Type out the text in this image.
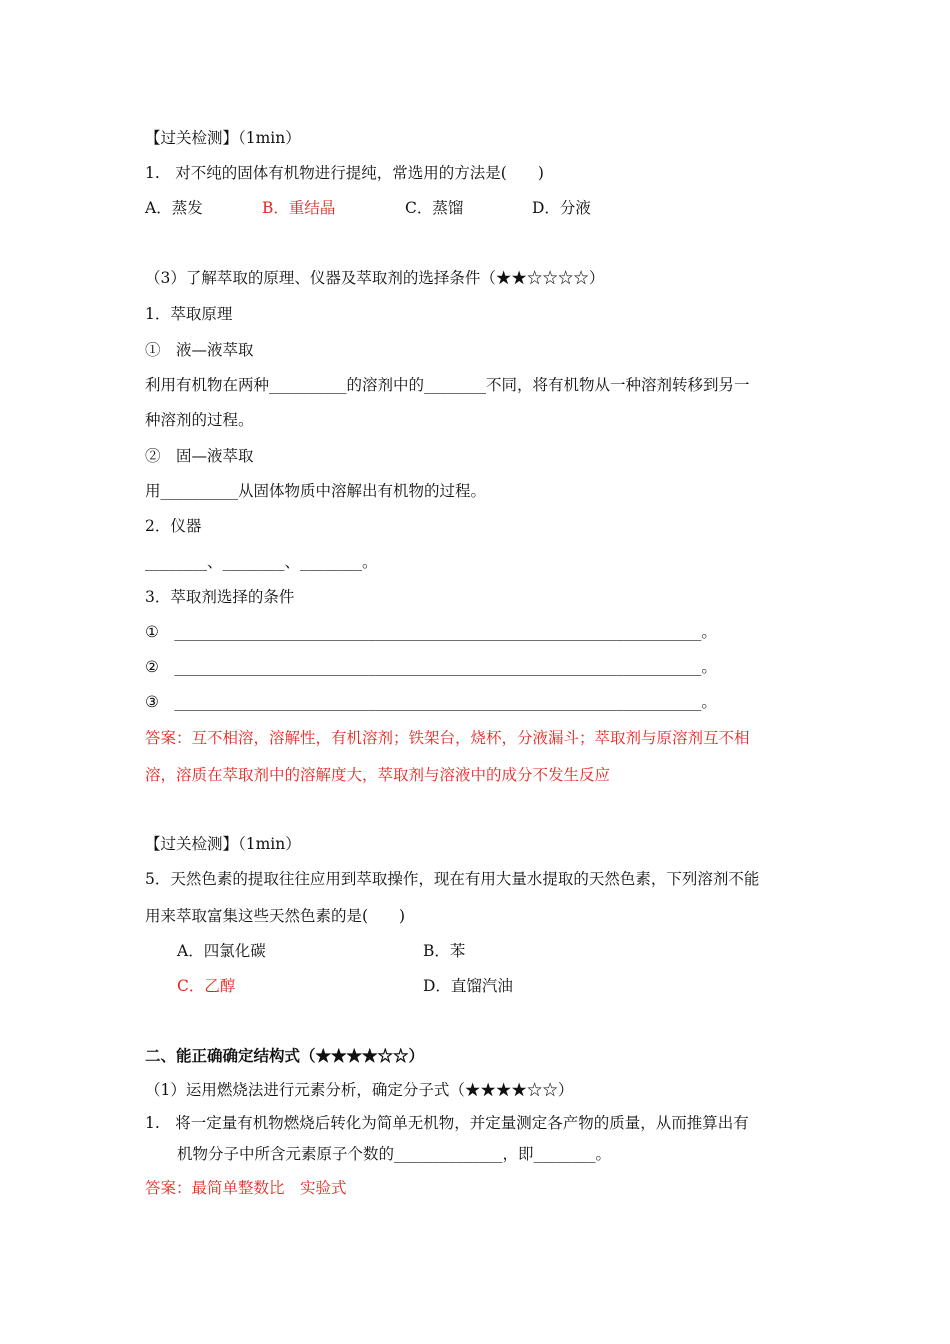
【过关检测】（1min）
1.　对不纯的固体有机物进行提纯，常选用的方法是(　　)
A．蒸发	B．重结晶	C．蒸馏	D．分液
（3）了解萃取的原理、仪器及萃取剂的选择条件（★★☆☆☆☆）
1．萃取原理
①　液—液萃取
利用有机物在两种__________的溶剂中的________不同，将有机物从一种溶剂转移到另一
种溶剂的过程。
②　固—液萃取
用__________从固体物质中溶解出有机物的过程。
2．仪器
________、________、________。
3．萃取剂选择的条件
①　____________________________________________________________________。
②　____________________________________________________________________。
③　____________________________________________________________________。
答案：互不相溶，溶解性，有机溶剂；铁架台，烧杯，分液漏斗；萃取剂与原溶剂互不相
溶，溶质在萃取剂中的溶解度大，萃取剂与溶液中的成分不发生反应
【过关检测】（1min）
5．天然色素的提取往往应用到萃取操作，现在有用大量水提取的天然色素，下列溶剂不能
用来萃取富集这些天然色素的是(　　)
A．四氯化碳	B．苯
C．乙醇	D．直馏汽油
二、能正确确定结构式（★★★★☆☆）
（1）运用燃烧法进行元素分析，确定分子式（★★★★☆☆）
1.　将一定量有机物燃烧后转化为简单无机物，并定量测定各产物的质量，从而推算出有
机物分子中所含元素原子个数的______________，即________。
答案：最简单整数比　实验式
